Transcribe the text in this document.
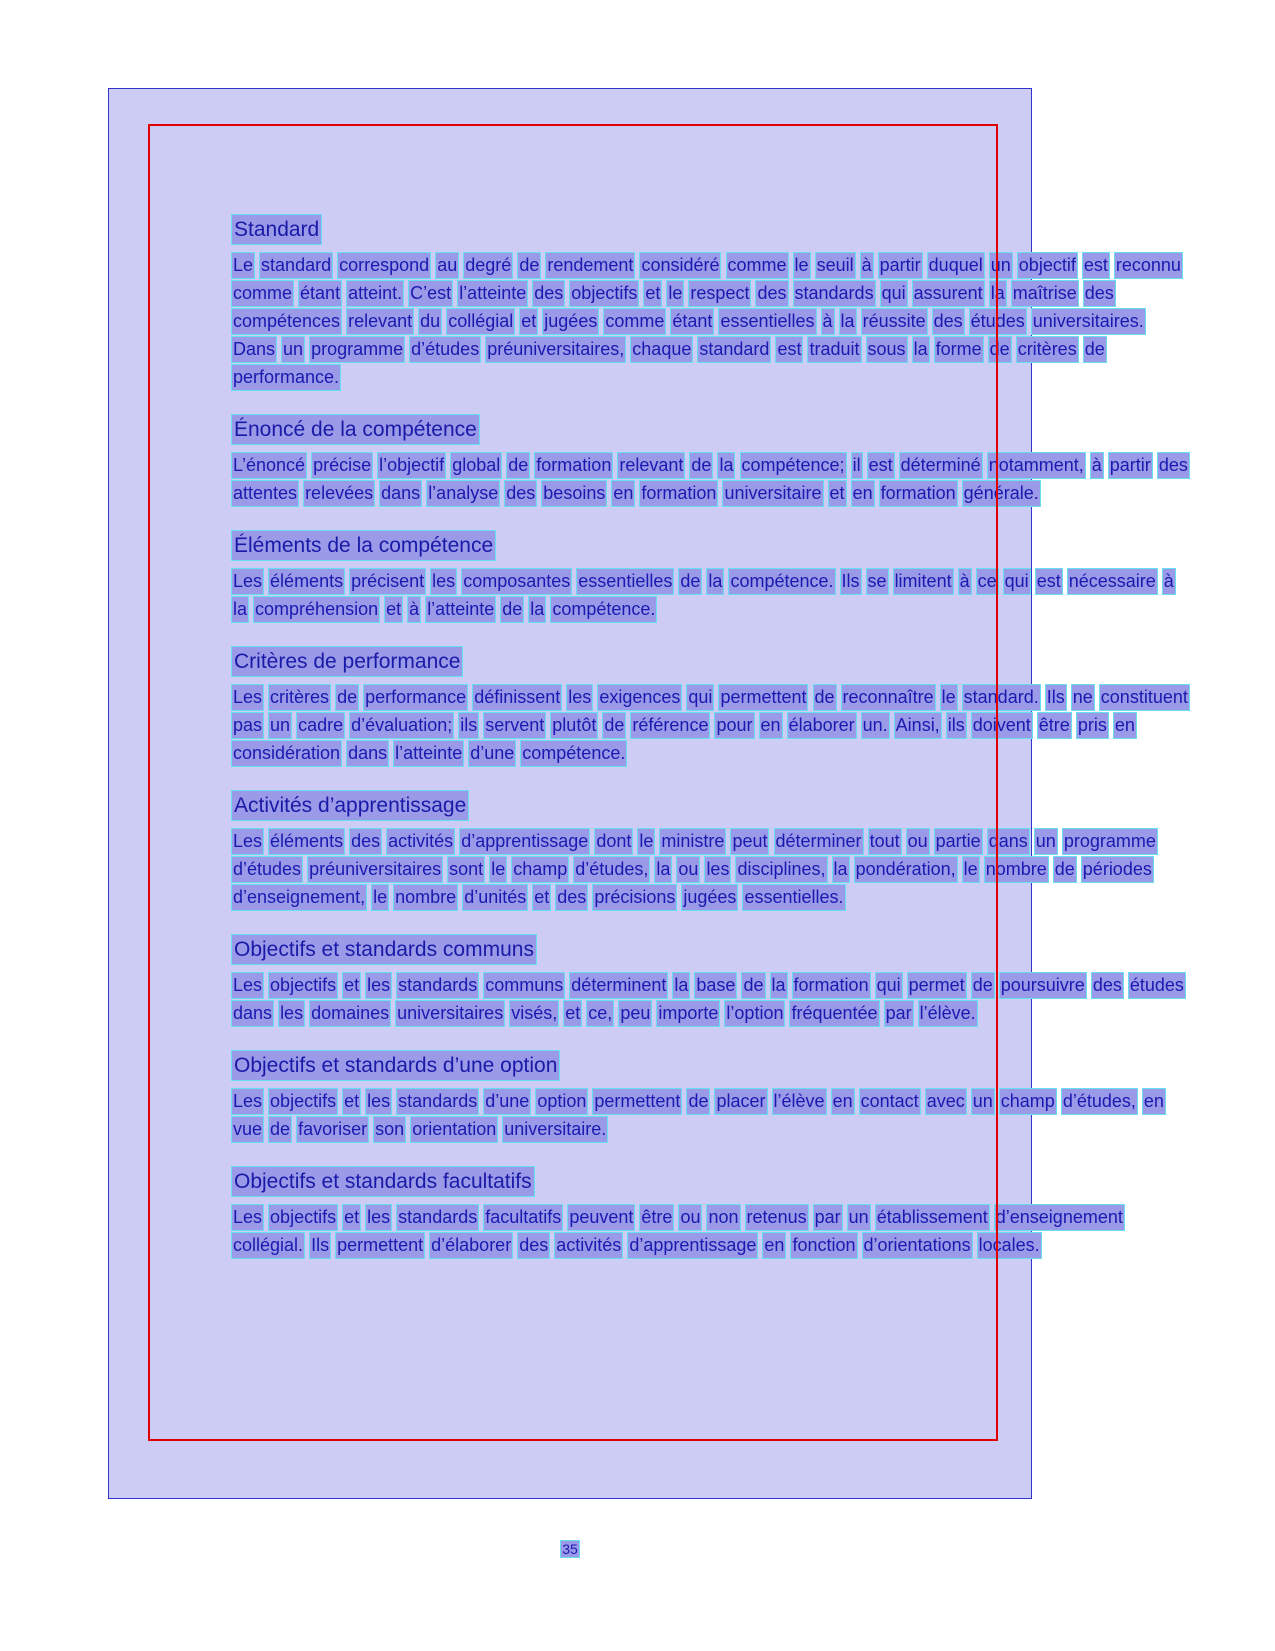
Standard

Le standard correspond au degré de rendement considéré comme le seuil à partir duquel un objectif est reconnu comme étant atteint. C’est l’atteinte des objectifs et le respect des standards qui assurent la maîtrise des compétences relevant du collégial et jugées comme étant essentielles à la réussite des études universitaires. Dans un programme d’études préuniversitaires, chaque standard est traduit sous la forme de critères de performance.

Énoncé de la compétence

L’énoncé précise l’objectif global de formation relevant de la compétence; il est déterminé notamment, à partir des attentes relevées dans l’analyse des besoins en formation universitaire et en formation générale.

Éléments de la compétence

Les éléments précisent les composantes essentielles de la compétence. Ils se limitent à ce qui est nécessaire à la compréhension et à l’atteinte de la compétence.

Critères de performance

Les critères de performance définissent les exigences qui permettent de reconnaître le standard. Ils ne constituent pas un cadre d’évaluation; ils servent plutôt de référence pour en élaborer un. Ainsi, ils doivent être pris en considération dans l’atteinte d’une compétence.

Activités d’apprentissage

Les éléments des activités d’apprentissage dont le ministre peut déterminer tout ou partie dans un programme d’études préuniversitaires sont le champ d’études, la ou les disciplines, la pondération, le nombre de périodes d’enseignement, le nombre d’unités et des précisions jugées essentielles.

Objectifs et standards communs

Les objectifs et les standards communs déterminent la base de la formation qui permet de poursuivre des études dans les domaines universitaires visés, et ce, peu importe l’option fréquentée par l’élève.

Objectifs et standards d’une option

Les objectifs et les standards d’une option permettent de placer l’élève en contact avec un champ d’études, en vue de favoriser son orientation universitaire.

Objectifs et standards facultatifs

Les objectifs et les standards facultatifs peuvent être ou non retenus par un établissement d’enseignement collégial. Ils permettent d’élaborer des activités d’apprentissage en fonction d’orientations locales.

35
